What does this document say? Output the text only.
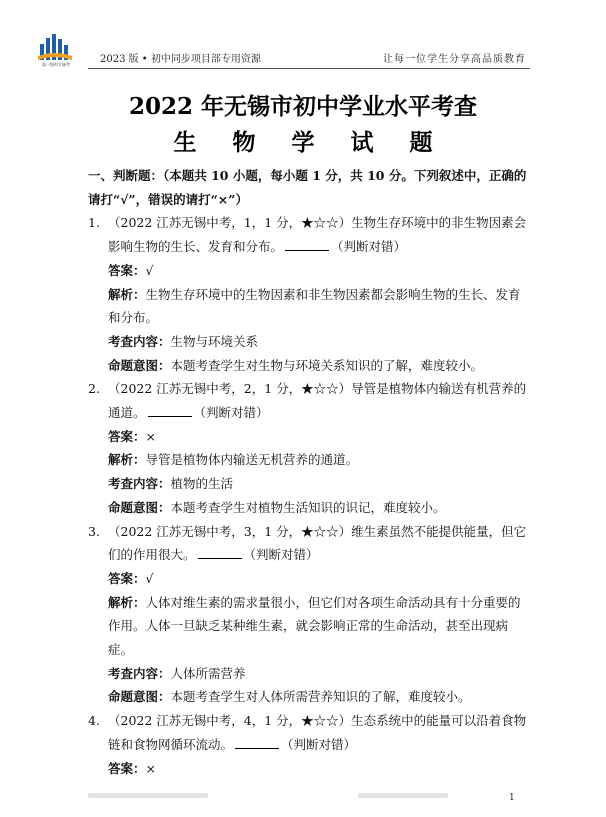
高一级科学备考	2023 版 • 初中同步项目部专用资源	让每一位学生分享高品质教育
2022 年无锡市初中学业水平考查
生 物 学 试 题

一、判断题：（本题共 10 小题，每小题 1 分，共 10 分。下列叙述中，正确的请打“√”，错误的请打“×”）

1. （2022 江苏无锡中考，1，1 分，★☆☆）生物生存环境中的非生物因素会影响生物的生长、发育和分布。	（判断对错）

答案：√

解析：生物生存环境中的生物因素和非生物因素都会影响生物的生长、发育和分布。

考查内容：生物与环境关系

命题意图：本题考查学生对生物与环境关系知识的了解，难度较小。

2. （2022 江苏无锡中考，2，1 分，★☆☆）导管是植物体内输送有机营养的通道。	（判断对错）

答案：×

解析：导管是植物体内输送无机营养的通道。

考查内容：植物的生活

命题意图：本题考查学生对植物生活知识的识记，难度较小。

3. （2022 江苏无锡中考，3，1 分，★☆☆）维生素虽然不能提供能量，但它们的作用很大。	（判断对错）

答案：√

解析：人体对维生素的需求量很小，但它们对各项生命活动具有十分重要的作用。人体一旦缺乏某种维生素，就会影响正常的生命活动，甚至出现病症。

考查内容：人体所需营养

命题意图：本题考查学生对人体所需营养知识的了解，难度较小。

4. （2022 江苏无锡中考，4，1 分，★☆☆）生态系统中的能量可以沿着食物链和食物网循环流动。	（判断对错）

答案：×

1
